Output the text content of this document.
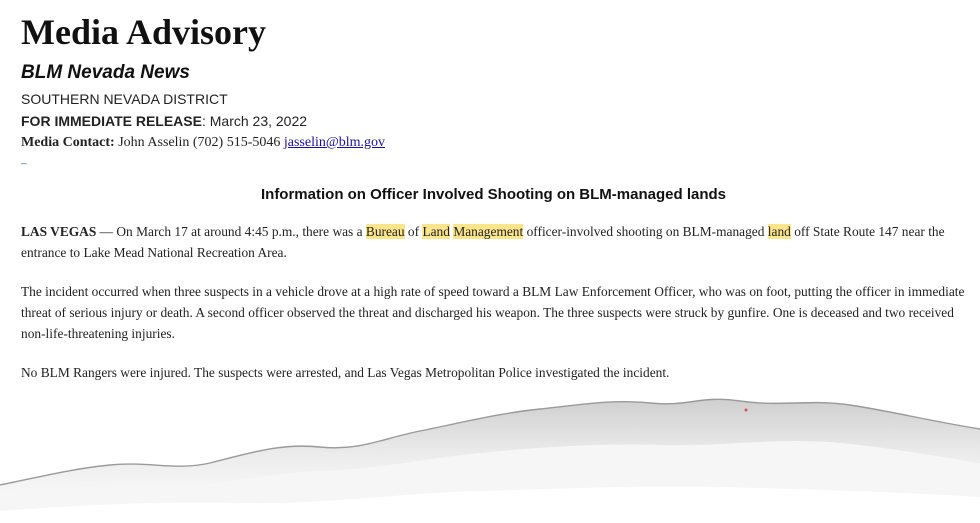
Media Advisory
BLM Nevada News
SOUTHERN NEVADA DISTRICT
FOR IMMEDIATE RELEASE: March 23, 2022
Media Contact: John Asselin (702) 515-5046 jasselin@blm.gov
_
Information on Officer Involved Shooting on BLM-managed lands
LAS VEGAS — On March 17 at around 4:45 p.m., there was a Bureau of Land Management officer-involved shooting on BLM-managed land off State Route 147 near the entrance to Lake Mead National Recreation Area.
The incident occurred when three suspects in a vehicle drove at a high rate of speed toward a BLM Law Enforcement Officer, who was on foot, putting the officer in immediate threat of serious injury or death. A second officer observed the threat and discharged his weapon. The three suspects were struck by gunfire. One is deceased and two received non-life-threatening injuries.
No BLM Rangers were injured. The suspects were arrested, and Las Vegas Metropolitan Police investigated the incident.
